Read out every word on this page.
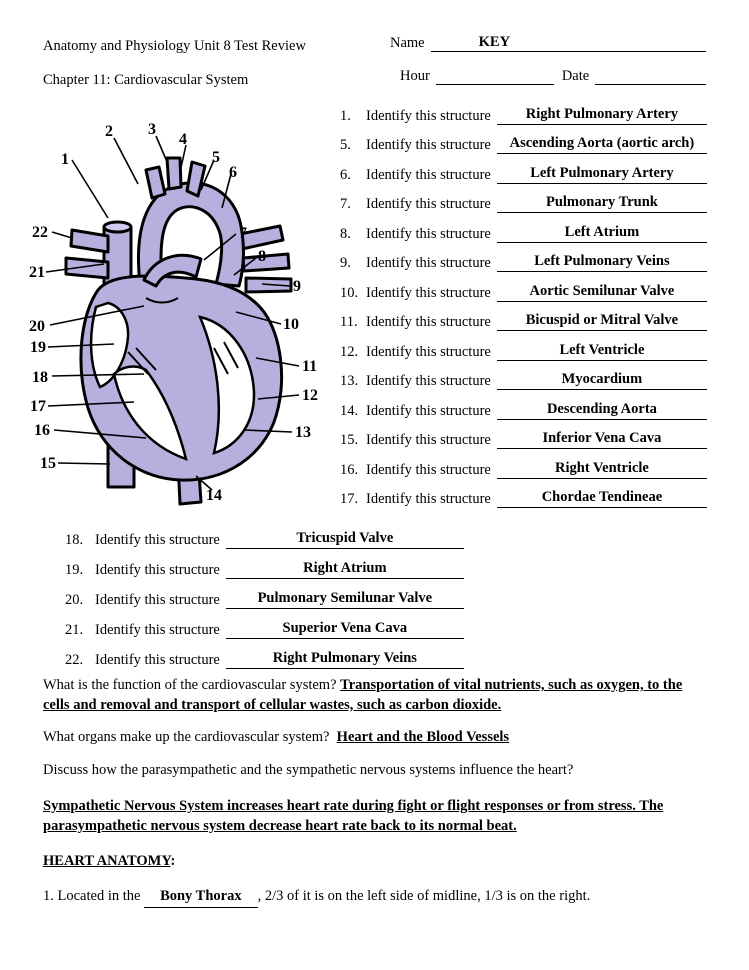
Anatomy and Physiology Unit 8 Test Review	Name	KEY
Chapter 11: Cardiovascular System	Hour	Date
1
2 3
4
5
6
7
8
9
10
11
12
13
14
15
16
17
18
19
20
21
22
1.	Identify this structure	Right Pulmonary Artery
5.	Identify this structure	Ascending Aorta (aortic arch)
6.	Identify this structure	Left Pulmonary Artery
7.	Identify this structure	Pulmonary Trunk
8.	Identify this structure	Left Atrium
9.	Identify this structure	Left Pulmonary Veins
10. Identify this structure	Aortic Semilunar Valve
11. Identify this structure	Bicuspid or Mitral Valve
12. Identify this structure	Left Ventricle
13. Identify this structure	Myocardium
14. Identify this structure	Descending Aorta
15. Identify this structure	Inferior Vena Cava
16. Identify this structure	Right Ventricle
17. Identify this structure	Chordae Tendineae
18. Identify this structure	Tricuspid Valve
19. Identify this structure	Right Atrium
20. Identify this structure	Pulmonary Semilunar Valve
21. Identify this structure	Superior Vena Cava
22. Identify this structure	Right Pulmonary Veins

What is the function of the cardiovascular system? Transportation of vital nutrients, such as oxygen, to the cells and removal and transport of cellular wastes, such as carbon dioxide.

What organs make up the cardiovascular system? Heart and the Blood Vessels

Discuss how the parasympathetic and the sympathetic nervous systems influence the heart?

Sympathetic Nervous System increases heart rate during fight or flight responses or from stress. The parasympathetic nervous system decrease heart rate back to its normal beat.

HEART ANATOMY:

1. Located in the Bony Thorax , 2/3 of it is on the left side of midline, 1/3 is on the right.
